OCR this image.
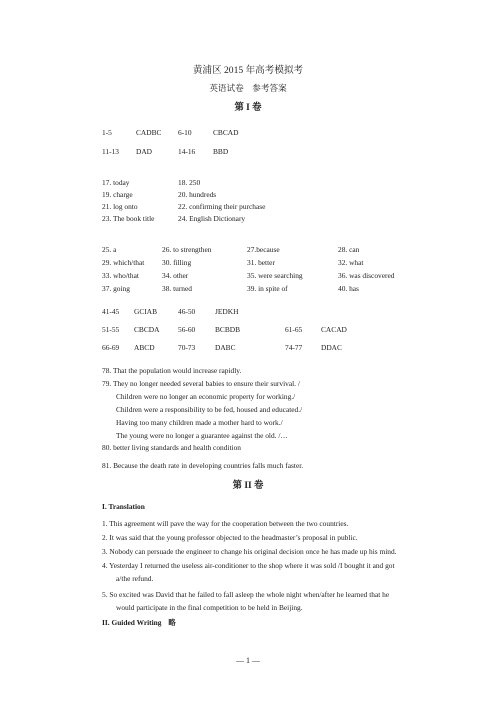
黄浦区 2015 年高考模拟考
英语试卷　参考答案
第 I 卷
1-5	CADBC 6-10	CBCAD
11-13 DAD	14-16 BBD
17. today	18. 250
19. charge	20. hundreds
21. log onto	22. confirming their purchase
23. The book title	24. English Dictionary
25. a	26. to strengthen	27.because	28. can
29. which/that 30. filling	31. better	32. what
33. who/that	34. other	35. were searching	36. was discovered
37. going	38. turned	39. in spite of	40. has
41-45 GCIAB	46-50	JEDKH
51-55 CBCDA	56-60	BCBDB	61-65	CACAD
66-69 ABCD	70-73	DABC	74-77	DDAC
78. That the population would increase rapidly.
79. They no longer needed several babies to ensure their survival. /
Children were no longer an economic property for working./
Children were a responsibility to be fed, housed and educated./
Having too many children made a mother hard to work./
The young were no longer a guarantee against the old. /…
80. better living standards and health condition
81. Because the death rate in developing countries falls much faster.
第 II 卷
I. Translation
1. This agreement will pave the way for the cooperation between the two countries.
2. It was said that the young professor objected to the headmaster’s proposal in public.
3. Nobody can persuade the engineer to change his original decision once he has made up his mind.
4. Yesterday I returned the useless air-conditioner to the shop where it was sold /I bought it and got
a/the refund.
5. So excited was David that he failed to fall asleep the whole night when/after he learned that he
would participate in the final competition to be held in Beijing.
II. Guided Writing 略
— 1 —
